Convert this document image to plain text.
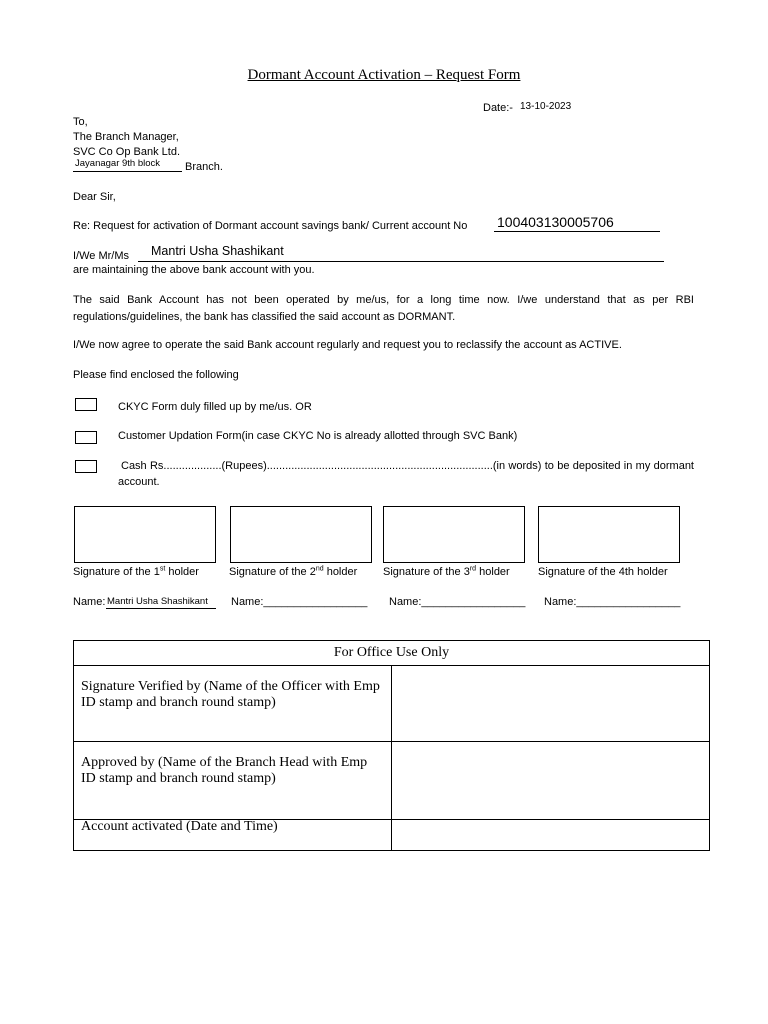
Dormant Account Activation – Request Form
Date:- 13-10-2023
To,
The Branch Manager,
SVC Co Op Bank Ltd.
Jayanagar 9th block Branch.
Dear Sir,
Re: Request for activation of Dormant account savings bank/ Current account No 100403130005706
I/We Mr/Ms Mantri Usha Shashikant
are maintaining the above bank account with you.
The said Bank Account has not been operated by me/us, for a long time now. I/we understand that as per RBI regulations/guidelines, the bank has classified the said account as DORMANT.
I/We now agree to operate the said Bank account regularly and request you to reclassify the account as ACTIVE.
Please find enclosed the following
CKYC Form duly filled up by me/us. OR
Customer Updation Form(in case CKYC No is already allotted through SVC Bank)
Cash Rs...................(Rupees)..........................................................................(in words) to be deposited in my dormant account.
Signature of the 1st holder	Signature of the 2nd holder Signature of the 3rd holder	Signature of the 4th holder
Name: Mantri Usha Shashikant Name:_________________ Name:_________________ Name:_________________
For Office Use Only	

Signature Verified by (Name of the Officer with Emp ID stamp and branch round stamp)	

Approved by (Name of the Branch Head with Emp ID stamp and branch round stamp)	

Account activated (Date and Time)	
